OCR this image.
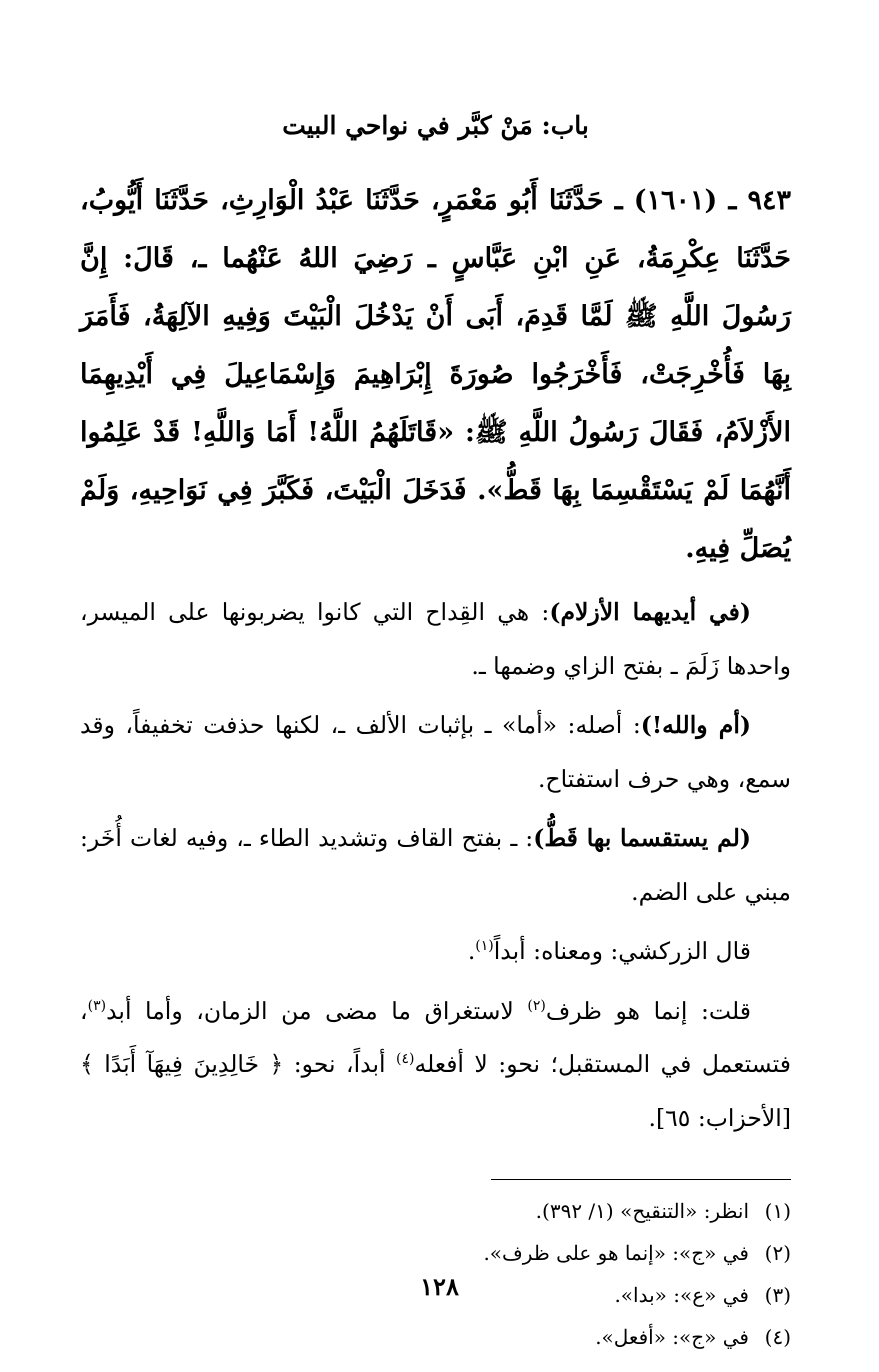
باب: مَنْ كبَّر في نواحي البيت

٩٤٣ ـ (١٦٠١) ـ حَدَّثَنَا أَبُو مَعْمَرٍ، حَدَّثَنَا عَبْدُ الْوَارِثِ، حَدَّثَنَا أَيُّوبُ، حَدَّثَنَا عِكْرِمَةُ، عَنِ ابْنِ عَبَّاسٍ ـ رَضِيَ اللهُ عَنْهُما ـ، قَالَ: إِنَّ رَسُولَ اللَّهِ ﷺ لَمَّا قَدِمَ، أَبَى أَنْ يَدْخُلَ الْبَيْتَ وَفِيهِ الآلِهَةُ، فَأَمَرَ بِهَا فَأُخْرِجَتْ، فَأَخْرَجُوا صُورَةَ إِبْرَاهِيمَ وَإِسْمَاعِيلَ فِي أَيْدِيهِمَا الأَزْلاَمُ، فَقَالَ رَسُولُ اللَّهِ ﷺ: «قَاتَلَهُمُ اللَّهُ! أَمَا وَاللَّهِ! قَدْ عَلِمُوا أَنَّهُمَا لَمْ يَسْتَقْسِمَا بِهَا قَطُّ». فَدَخَلَ الْبَيْتَ، فَكَبَّرَ فِي نَوَاحِيهِ، وَلَمْ يُصَلِّ فِيهِ.

(في أيديهما الأزلام): هي القِداح التي كانوا يضربونها على الميسر، واحدها زَلَمَ ـ بفتح الزاي وضمها ـ.

(أم والله!): أصله: «أما» ـ بإثبات الألف ـ، لكنها حذفت تخفيفاً، وقد سمع، وهي حرف استفتاح.

(لم يستقسما بها قَطُّ): ـ بفتح القاف وتشديد الطاء ـ، وفيه لغات أُخَر: مبني على الضم.

قال الزركشي: ومعناه: أبداً$^{(١)}$.

قلت: إنما هو ظرف$^{(٢)}$ لاستغراق ما مضى من الزمان، وأما أبد$^{(٣)}$، فتستعمل في المستقبل؛ نحو: لا أفعله$^{(٤)}$ أبداً، نحو: ﴿ خَالِدِينَ فِيهَآ أَبَدًا ﴾[الأحزاب: ٦٥].

(١)
انظر: «التنقيح» (١/ ٣٩٢).
(٢)
في «ج»: «إنما هو على ظرف».
(٣)
في «ع»: «بدا».
(٤)
في «ج»: «أفعل».
١٢٨
